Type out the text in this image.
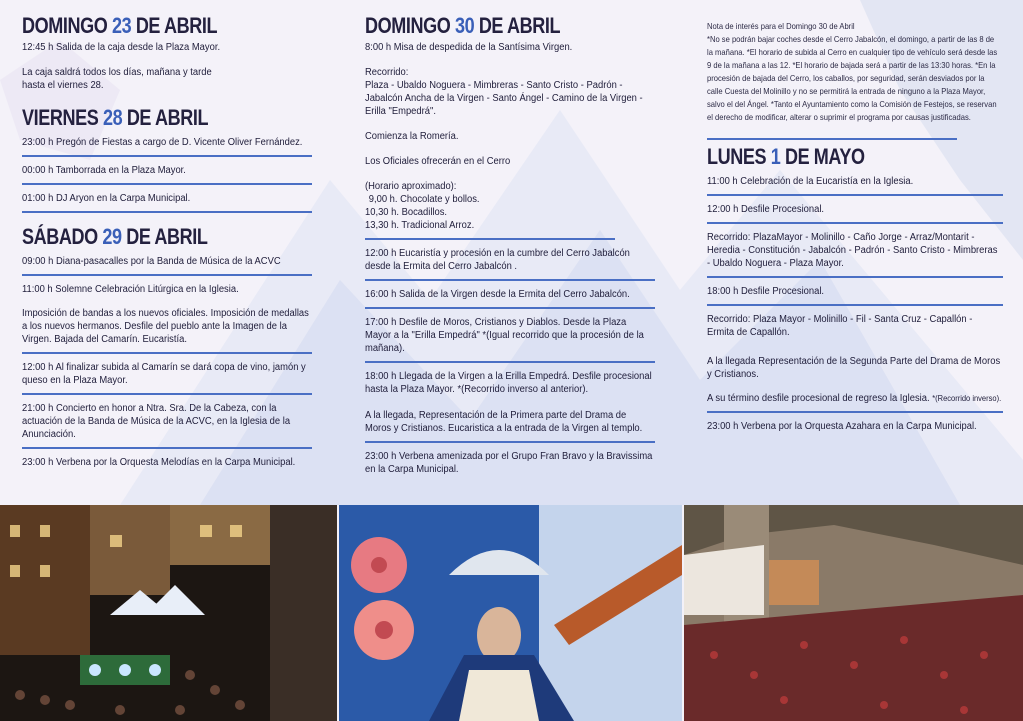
DOMINGO 23 DE ABRIL

12:45 h Salida de la caja desde la Plaza Mayor.

La caja saldrá todos los días, mañana y tarde

hasta el viernes 28.

VIERNES 28 DE ABRIL

23:00 h Pregón de Fiestas a cargo de D. Vicente Oliver Fernández.

00:00 h Tamborrada en la Plaza Mayor.

01:00 h DJ Aryon en la Carpa Municipal.

SÁBADO 29 DE ABRIL

09:00 h Diana-pasacalles por la Banda de Música de la ACVC

11:00 h Solemne Celebración Litúrgica en la Iglesia.

Imposición de bandas a los nuevos oficiales. Imposición de medallas a los nuevos hermanos. Desfile del pueblo ante la Imagen de la Virgen. Bajada del Camarín. Eucaristía.

12:00 h Al finalizar subida al Camarín se dará copa de vino, jamón y queso en la Plaza Mayor.

21:00 h Concierto en honor a Ntra. Sra. De la Cabeza, con la actuación de la Banda de Música de la ACVC, en la Iglesia de la Anunciación.

23:00 h Verbena por la Orquesta Melodías en la Carpa Municipal.

DOMINGO 30 DE ABRIL

8:00 h Misa de despedida de la Santísima Virgen.

Recorrido:

Plaza - Ubaldo Noguera - Mimbreras - Santo Cristo - Padrón - Jabalcón Ancha de la Virgen - Santo Ángel - Camino de la Virgen - Erilla "Empedrá".

Comienza la Romería.

Los Oficiales ofrecerán en el Cerro

(Horario aproximado):

9,00 h. Chocolate y bollos.

10,30 h. Bocadillos.

13,30 h. Tradicional Arroz.

12:00 h Eucaristía y procesión en la cumbre del Cerro Jabalcón desde la Ermita del Cerro Jabalcón .

16:00 h Salida de la Virgen desde la Ermita del Cerro Jabalcón.

17:00 h Desfile de Moros, Cristianos y Diablos. Desde la Plaza Mayor a la "Erilla Empedrá" *(Igual recorrido que la procesión de la mañana).

18:00 h Llegada de la Virgen a la Erilla Empedrá. Desfile procesional hasta la Plaza Mayor. *(Recorrido inverso al anterior).

A la llegada, Representación de la Primera parte del Drama de Moros y Cristianos. Eucaristica a la entrada de la Virgen al templo.

23:00 h Verbena amenizada por el Grupo Fran Bravo y la Bravissima en la Carpa Municipal.

Nota de interés para el Domingo 30 de Abril

*No se podrán bajar coches desde el Cerro Jabalcón, el domingo, a partir de las 8 de la mañana. *El horario de subida al Cerro en cualquier tipo de vehículo será desde las 9 de la mañana a las 12. *El horario de bajada será a partir de las 13:30 horas. *En la procesión de bajada del Cerro, los caballos, por seguridad, serán desviados por la calle Cuesta del Molinillo y no se permitirá la entrada de ninguno a la Plaza Mayor, salvo el del Ángel. *Tanto el Ayuntamiento como la Comisión de Festejos, se reservan el derecho de modificar, alterar o suprimir el programa por causas justificadas.

LUNES 1 DE MAYO

11:00 h Celebración de la Eucaristía en la Iglesia.

12:00 h Desfile Procesional.

Recorrido: PlazaMayor - Molinillo - Caño Jorge - Arraz/Montarit - Heredia - Constitución - Jabalcón - Padrón - Santo Cristo - Mimbreras - Ubaldo Noguera - Plaza Mayor.

18:00 h Desfile Procesional.

Recorrido: Plaza Mayor - Molinillo - Fil - Santa Cruz - Capallón - Ermita de Capallón.

A la llegada Representación de la Segunda Parte del Drama de Moros y Cristianos.

A su término desfile procesional de regreso la Iglesia. *(Recorrido inverso).

23:00 h Verbena por la Orquesta Azahara en la Carpa Municipal.
